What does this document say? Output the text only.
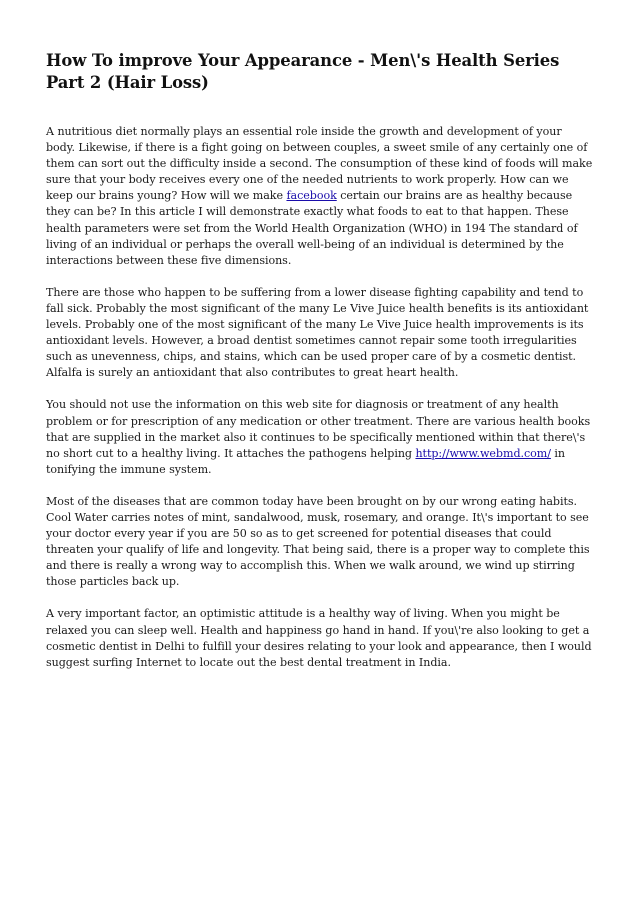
How To improve Your Appearance - Men\'s Health Series Part 2 (Hair Loss)

A nutritious diet normally plays an essential role inside the growth and development of your body. Likewise, if there is a fight going on between couples, a sweet smile of any certainly one of them can sort out the difficulty inside a second. The consumption of these kind of foods will make sure that your body receives every one of the needed nutrients to work properly. How can we keep our brains young? How will we make facebook certain our brains are as healthy because they can be? In this article I will demonstrate exactly what foods to eat to that happen. These health parameters were set from the World Health Organization (WHO) in 194 The standard of living of an individual or perhaps the overall well-being of an individual is determined by the interactions between these five dimensions.

There are those who happen to be suffering from a lower disease fighting capability and tend to fall sick. Probably the most significant of the many Le Vive Juice health benefits is its antioxidant levels. Probably one of the most significant of the many Le Vive Juice health improvements is its antioxidant levels. However, a broad dentist sometimes cannot repair some tooth irregularities such as unevenness, chips, and stains, which can be used proper care of by a cosmetic dentist. Alfalfa is surely an antioxidant that also contributes to great heart health.

You should not use the information on this web site for diagnosis or treatment of any health problem or for prescription of any medication or other treatment. There are various health books that are supplied in the market also it continues to be specifically mentioned within that there\'s no short cut to a healthy living. It attaches the pathogens helping http://www.webmd.com/ in tonifying the immune system.

Most of the diseases that are common today have been brought on by our wrong eating habits. Cool Water carries notes of mint, sandalwood, musk, rosemary, and orange. It\'s important to see your doctor every year if you are 50 so as to get screened for potential diseases that could threaten your qualify of life and longevity. That being said, there is a proper way to complete this and there is really a wrong way to accomplish this. When we walk around, we wind up stirring those particles back up.

A very important factor, an optimistic attitude is a healthy way of living. When you might be relaxed you can sleep well. Health and happiness go hand in hand. If you\'re also looking to get a cosmetic dentist in Delhi to fulfill your desires relating to your look and appearance, then I would suggest surfing Internet to locate out the best dental treatment in India.
